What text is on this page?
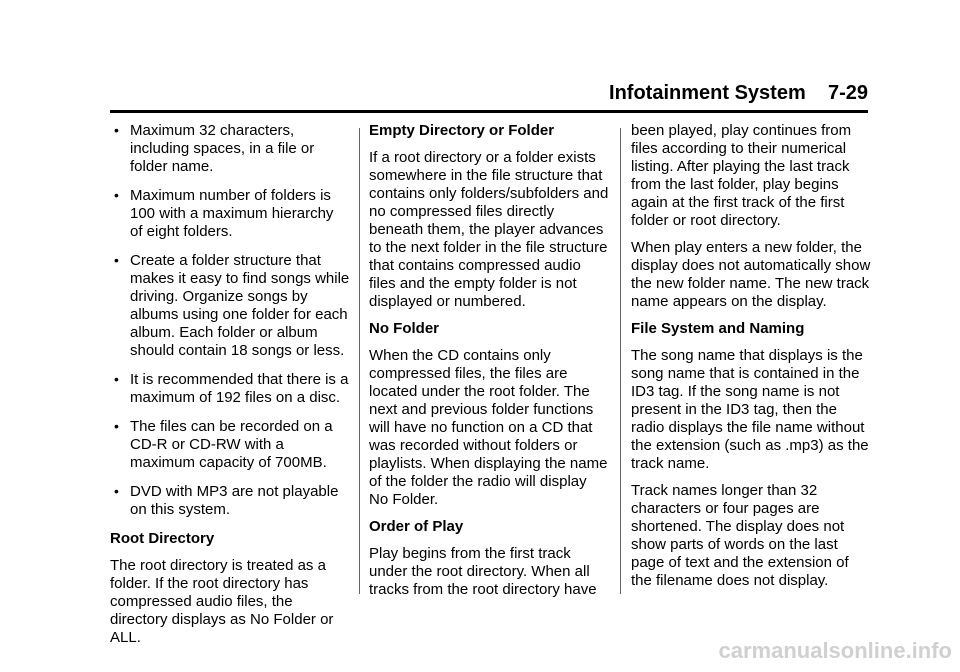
Infotainment System    7-29
• Maximum 32 characters, including spaces, in a file or folder name.
• Maximum number of folders is 100 with a maximum hierarchy of eight folders.
• Create a folder structure that makes it easy to find songs while driving. Organize songs by albums using one folder for each album. Each folder or album should contain 18 songs or less.
• It is recommended that there is a maximum of 192 files on a disc.
• The files can be recorded on a CD-R or CD-RW with a maximum capacity of 700MB.
• DVD with MP3 are not playable on this system.
Root Directory

The root directory is treated as a folder. If the root directory has compressed audio files, the directory displays as No Folder or ALL.

Empty Directory or Folder

If a root directory or a folder exists somewhere in the file structure that contains only folders/subfolders and no compressed files directly beneath them, the player advances to the next folder in the file structure that contains compressed audio files and the empty folder is not displayed or numbered.

No Folder

When the CD contains only compressed files, the files are located under the root folder. The next and previous folder functions will have no function on a CD that was recorded without folders or playlists. When displaying the name of the folder the radio will display No Folder.

Order of Play

Play begins from the first track under the root directory. When all tracks from the root directory have

been played, play continues from files according to their numerical listing. After playing the last track from the last folder, play begins again at the first track of the first folder or root directory.

When play enters a new folder, the display does not automatically show the new folder name. The new track name appears on the display.

File System and Naming

The song name that displays is the song name that is contained in the ID3 tag. If the song name is not present in the ID3 tag, then the radio displays the file name without the extension (such as .mp3) as the track name.

Track names longer than 32 characters or four pages are shortened. The display does not show parts of words on the last page of text and the extension of the filename does not display.

carmanualsonline.info
